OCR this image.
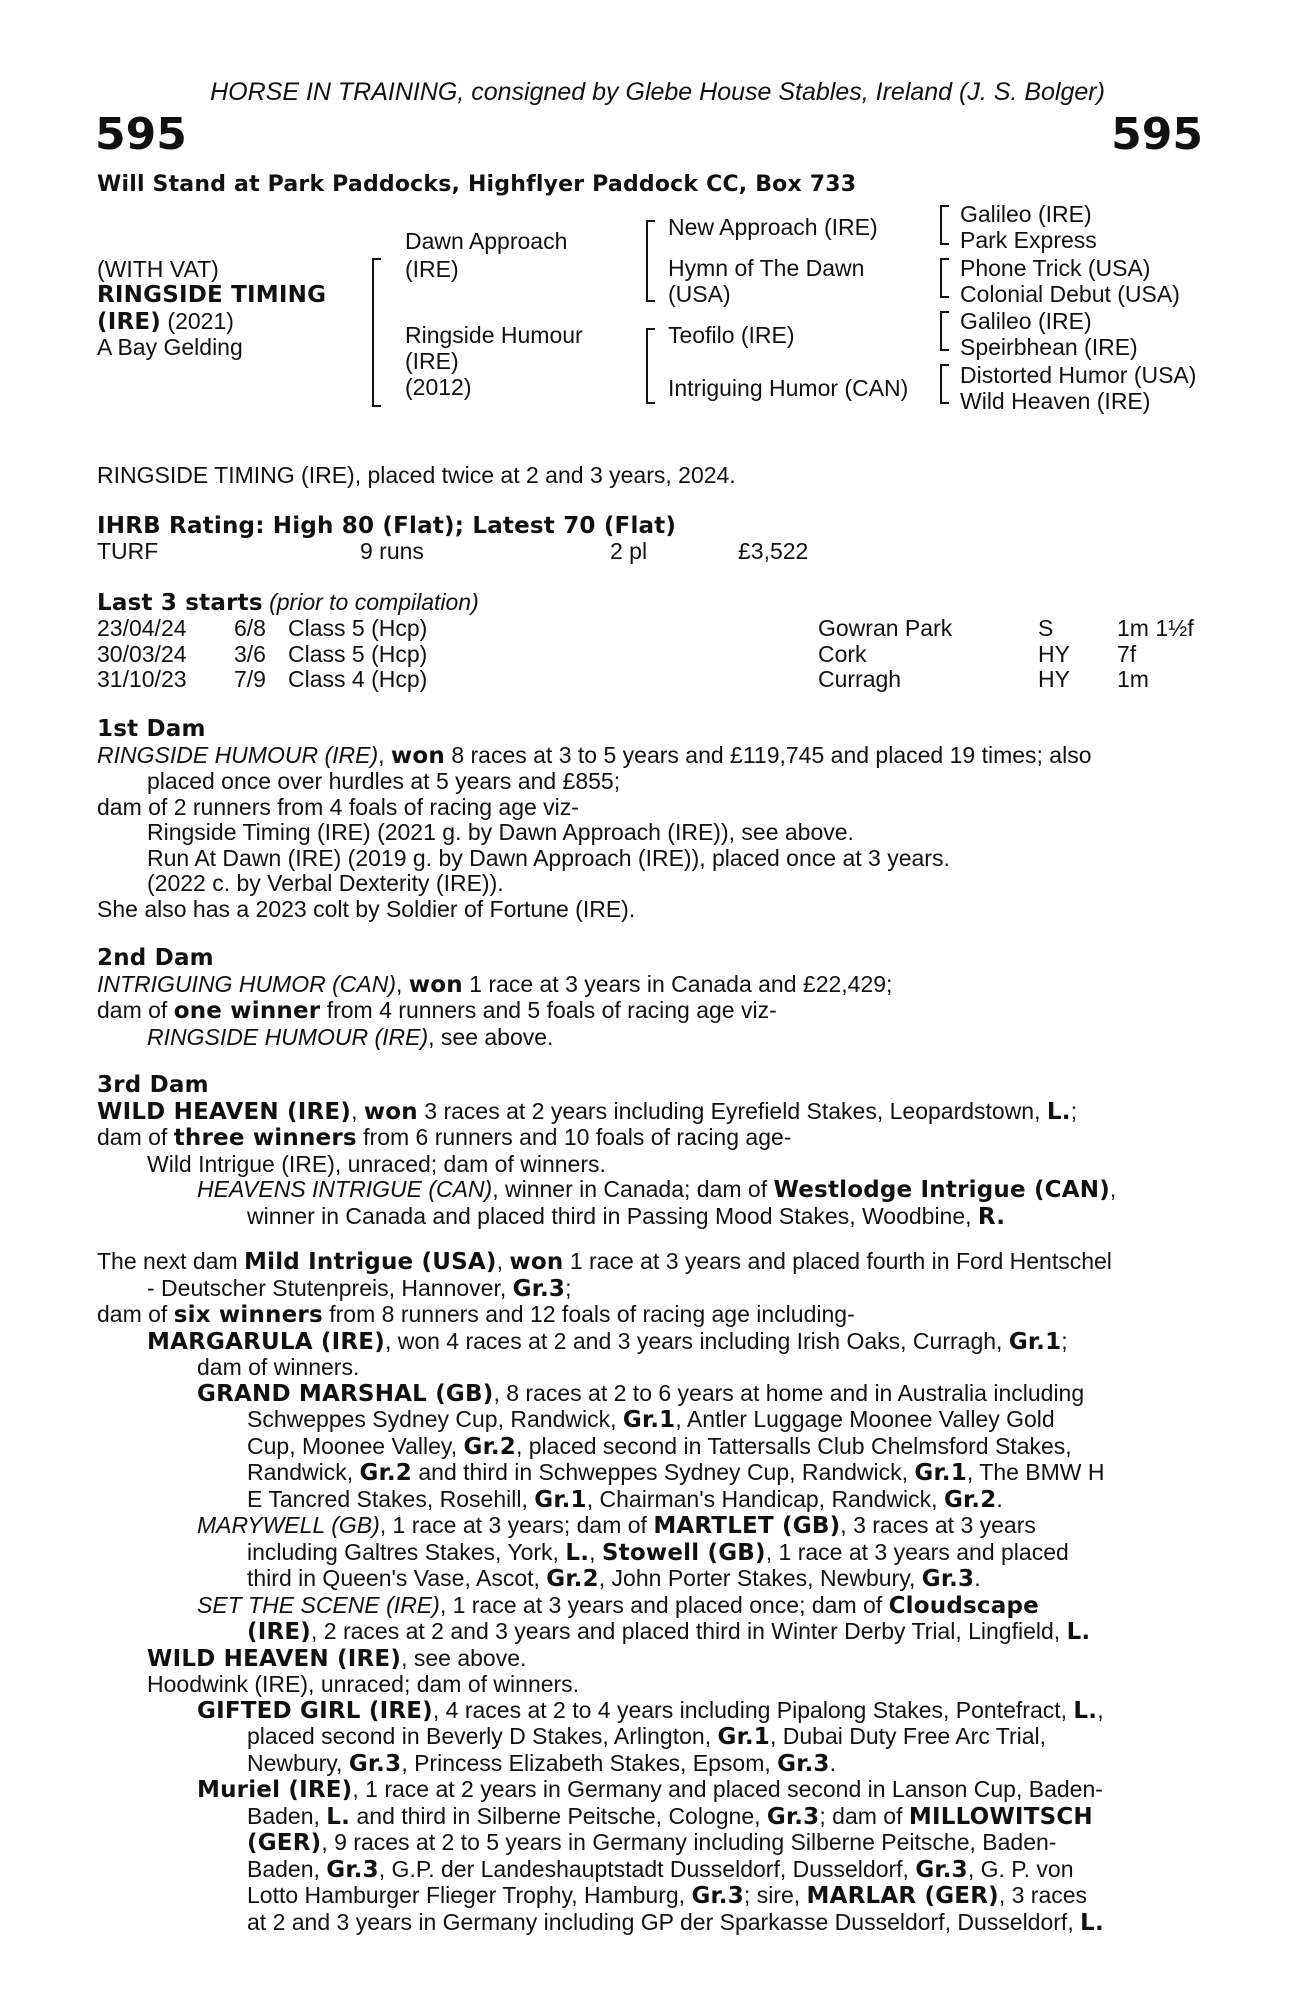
HORSE IN TRAINING, consigned by Glebe House Stables, Ireland (J. S. Bolger)
595	595
Will Stand at Park Paddocks, Highflyer Paddock CC, Box 733
(WITH VAT)
RINGSIDE TIMING
(IRE) (2021)
A Bay Gelding
Dawn Approach
(IRE)
Ringside Humour
(IRE)
(2012)
New Approach (IRE)
Hymn of The Dawn
(USA)
Teofilo (IRE)
Intriguing Humor (CAN)
Galileo (IRE)
Park Express
Phone Trick (USA)
Colonial Debut (USA)
Galileo (IRE)
Speirbhean (IRE)
Distorted Humor (USA)
Wild Heaven (IRE)
RINGSIDE TIMING (IRE), placed twice at 2 and 3 years, 2024.
IHRB Rating: High 80 (Flat); Latest 70 (Flat)
TURF	9 runs	2 pl	£3,522
Last 3 starts (prior to compilation)
23/04/24 6/8 Class 5 (Hcp)	Gowran Park	S	1m 1½f
30/03/24 3/6 Class 5 (Hcp)	Cork	HY 7f
31/10/23 7/9 Class 4 (Hcp)	Curragh	HY 1m
1st Dam
RINGSIDE HUMOUR (IRE), won 8 races at 3 to 5 years and £119,745 and placed 19 times; also
placed once over hurdles at 5 years and £855;
dam of 2 runners from 4 foals of racing age viz-
Ringside Timing (IRE) (2021 g. by Dawn Approach (IRE)), see above.
Run At Dawn (IRE) (2019 g. by Dawn Approach (IRE)), placed once at 3 years.
(2022 c. by Verbal Dexterity (IRE)).
She also has a 2023 colt by Soldier of Fortune (IRE).
2nd Dam
INTRIGUING HUMOR (CAN), won 1 race at 3 years in Canada and £22,429;
dam of one winner from 4 runners and 5 foals of racing age viz-
RINGSIDE HUMOUR (IRE), see above.
3rd Dam
WILD HEAVEN (IRE), won 3 races at 2 years including Eyrefield Stakes, Leopardstown, L.;
dam of three winners from 6 runners and 10 foals of racing age-
Wild Intrigue (IRE), unraced; dam of winners.
HEAVENS INTRIGUE (CAN), winner in Canada; dam of Westlodge Intrigue (CAN),
winner in Canada and placed third in Passing Mood Stakes, Woodbine, R.
The next dam Mild Intrigue (USA), won 1 race at 3 years and placed fourth in Ford Hentschel
- Deutscher Stutenpreis, Hannover, Gr.3;
dam of six winners from 8 runners and 12 foals of racing age including-
MARGARULA (IRE), won 4 races at 2 and 3 years including Irish Oaks, Curragh, Gr.1;
dam of winners.
GRAND MARSHAL (GB), 8 races at 2 to 6 years at home and in Australia including
Schweppes Sydney Cup, Randwick, Gr.1, Antler Luggage Moonee Valley Gold
Cup, Moonee Valley, Gr.2, placed second in Tattersalls Club Chelmsford Stakes,
Randwick, Gr.2 and third in Schweppes Sydney Cup, Randwick, Gr.1, The BMW H
E Tancred Stakes, Rosehill, Gr.1, Chairman's Handicap, Randwick, Gr.2.
MARYWELL (GB), 1 race at 3 years; dam of MARTLET (GB), 3 races at 3 years
including Galtres Stakes, York, L., Stowell (GB), 1 race at 3 years and placed
third in Queen's Vase, Ascot, Gr.2, John Porter Stakes, Newbury, Gr.3.
SET THE SCENE (IRE), 1 race at 3 years and placed once; dam of Cloudscape
(IRE), 2 races at 2 and 3 years and placed third in Winter Derby Trial, Lingfield, L.
WILD HEAVEN (IRE), see above.
Hoodwink (IRE), unraced; dam of winners.
GIFTED GIRL (IRE), 4 races at 2 to 4 years including Pipalong Stakes, Pontefract, L.,
placed second in Beverly D Stakes, Arlington, Gr.1, Dubai Duty Free Arc Trial,
Newbury, Gr.3, Princess Elizabeth Stakes, Epsom, Gr.3.
Muriel (IRE), 1 race at 2 years in Germany and placed second in Lanson Cup, Baden-
Baden, L. and third in Silberne Peitsche, Cologne, Gr.3; dam of MILLOWITSCH
(GER), 9 races at 2 to 5 years in Germany including Silberne Peitsche, Baden-
Baden, Gr.3, G.P. der Landeshauptstadt Dusseldorf, Dusseldorf, Gr.3, G. P. von
Lotto Hamburger Flieger Trophy, Hamburg, Gr.3; sire, MARLAR (GER), 3 races
at 2 and 3 years in Germany including GP der Sparkasse Dusseldorf, Dusseldorf, L.
